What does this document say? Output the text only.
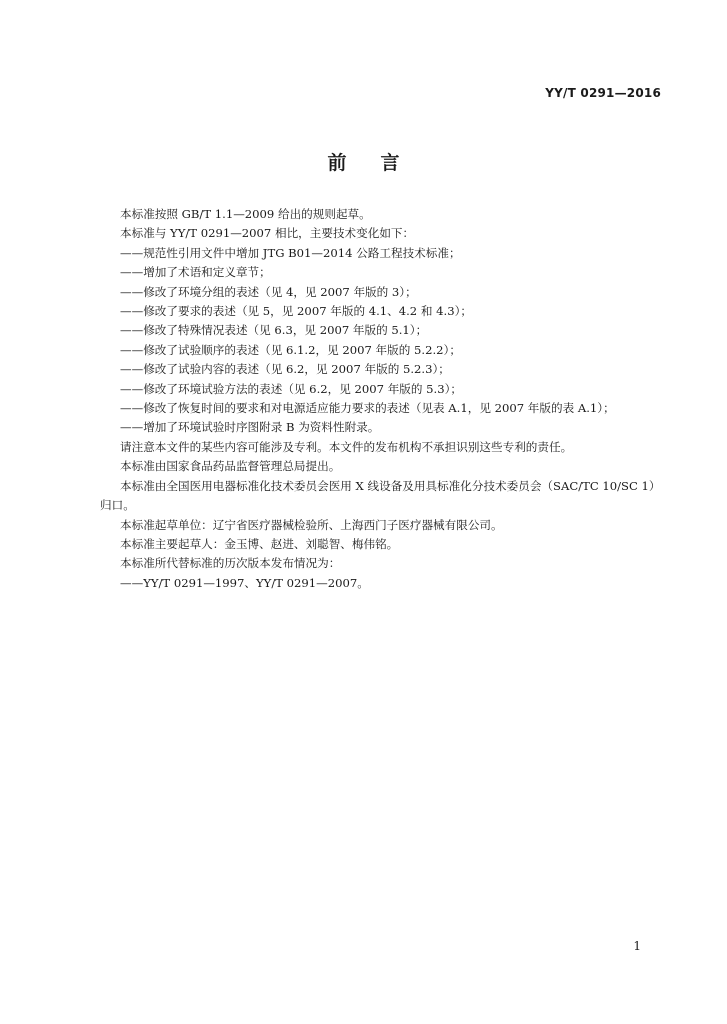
YY/T 0291—2016
前言

本标准按照 GB/T 1.1—2009 给出的规则起草。

本标准与 YY/T 0291—2007 相比，主要技术变化如下：

——规范性引用文件中增加 JTG B01—2014 公路工程技术标准；

——增加了术语和定义章节；

——修改了环境分组的表述（见 4，见 2007 年版的 3）；

——修改了要求的表述（见 5，见 2007 年版的 4.1、4.2 和 4.3）；

——修改了特殊情况表述（见 6.3，见 2007 年版的 5.1）；

——修改了试验顺序的表述（见 6.1.2，见 2007 年版的 5.2.2）；

——修改了试验内容的表述（见 6.2，见 2007 年版的 5.2.3）；

——修改了环境试验方法的表述（见 6.2，见 2007 年版的 5.3）；

——修改了恢复时间的要求和对电源适应能力要求的表述（见表 A.1，见 2007 年版的表 A.1）；

——增加了环境试验时序图附录 B 为资料性附录。

请注意本文件的某些内容可能涉及专利。本文件的发布机构不承担识别这些专利的责任。

本标准由国家食品药品监督管理总局提出。

本标准由全国医用电器标准化技术委员会医用 X 线设备及用具标准化分技术委员会（SAC/TC 10/SC 1）归口。

本标准起草单位：辽宁省医疗器械检验所、上海西门子医疗器械有限公司。

本标准主要起草人：金玉博、赵进、刘聪智、梅伟铭。

本标准所代替标准的历次版本发布情况为：

——YY/T 0291—1997、YY/T 0291—2007。

1
